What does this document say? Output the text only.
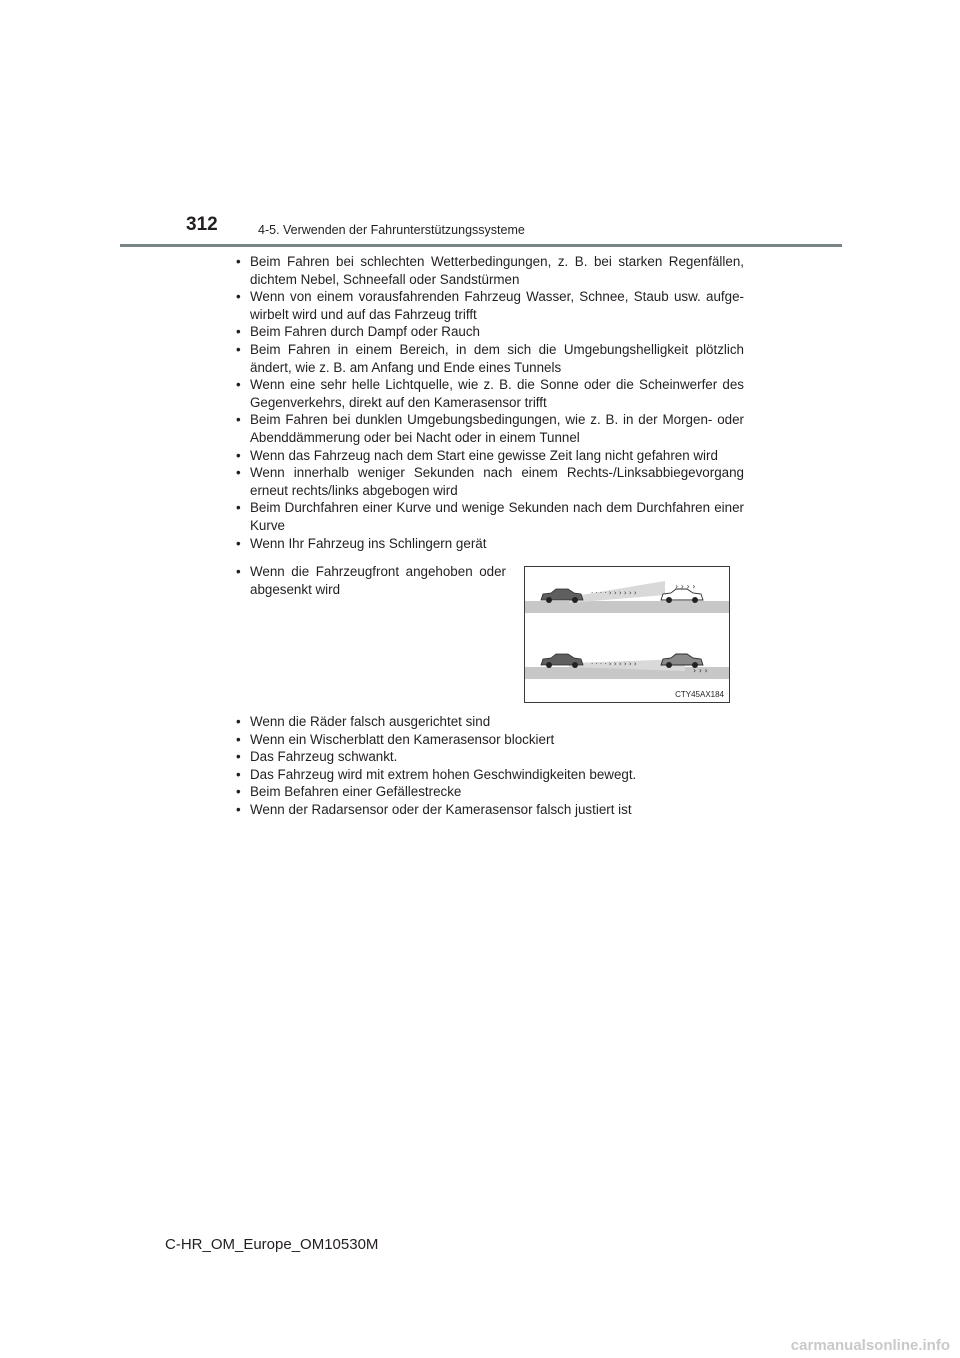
312	4-5. Verwenden der Fahrunterstützungssysteme
• Beim Fahren bei schlechten Wetterbedingungen, z. B. bei starken Regenfällen, dichtem Nebel, Schneefall oder Sandstürmen
• Wenn von einem vorausfahrenden Fahrzeug Wasser, Schnee, Staub usw. aufge- wirbelt wird und auf das Fahrzeug trifft
• Beim Fahren durch Dampf oder Rauch
• Beim Fahren in einem Bereich, in dem sich die Umgebungshelligkeit plötzlich ändert, wie z. B. am Anfang und Ende eines Tunnels
• Wenn eine sehr helle Lichtquelle, wie z. B. die Sonne oder die Scheinwerfer des Gegenverkehrs, direkt auf den Kamerasensor trifft
• Beim Fahren bei dunklen Umgebungsbedingungen, wie z. B. in der Morgen- oder Abenddämmerung oder bei Nacht oder in einem Tunnel
• Wenn das Fahrzeug nach dem Start eine gewisse Zeit lang nicht gefahren wird
• Wenn innerhalb weniger Sekunden nach einem Rechts-/Linksabbiegevorgang erneut rechts/links abgebogen wird
• Beim Durchfahren einer Kurve und wenige Sekunden nach dem Durchfahren einer Kurve
• Wenn Ihr Fahrzeug ins Schlingern gerät
• Wenn die Fahrzeugfront angehoben oder abgesenkt wird	· · · · › › › › › ›
› › › ›
· · · · › › › › › ›
› › ›
CTY45AX184
• Wenn die Räder falsch ausgerichtet sind
• Wenn ein Wischerblatt den Kamerasensor blockiert
• Das Fahrzeug schwankt.
• Das Fahrzeug wird mit extrem hohen Geschwindigkeiten bewegt.
• Beim Befahren einer Gefällestrecke
• Wenn der Radarsensor oder der Kamerasensor falsch justiert ist
C-HR_OM_Europe_OM10530M
carmanualsonline.info
